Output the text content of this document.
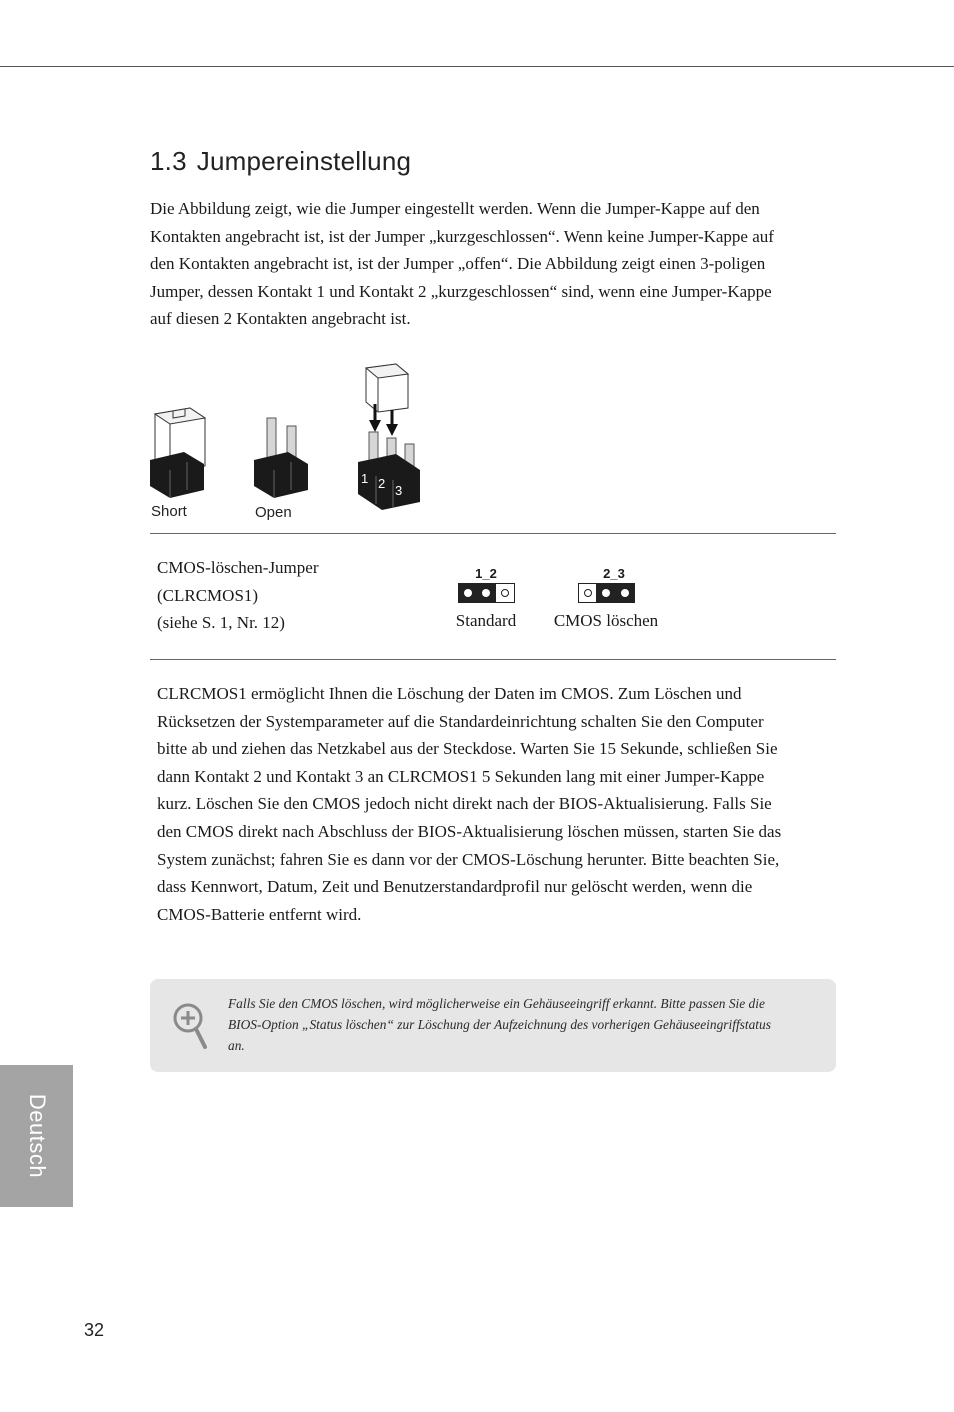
1.3 Jumpereinstellung

Die Abbildung zeigt, wie die Jumper eingestellt werden. Wenn die Jumper-Kappe auf den Kontakten angebracht ist, ist der Jumper „kurzgeschlossen“. Wenn keine Jumper-Kappe auf den Kontakten angebracht ist, ist der Jumper „offen“. Die Abbildung zeigt einen 3-poligen Jumper, dessen Kontakt 1 und Kontakt 2 „kurzgeschlossen“ sind, wenn eine Jumper-Kappe auf diesen 2 Kontakten angebracht ist.

1 2 3
Short	Open
CMOS-löschen-Jumper
(CLRCMOS1)
(siehe S. 1, Nr. 12)
1_2
Standard
2_3
CMOS löschen

CLRCMOS1 ermöglicht Ihnen die Löschung der Daten im CMOS. Zum Löschen und Rücksetzen der Systemparameter auf die Standardeinrichtung schalten Sie den Computer bitte ab und ziehen das Netzkabel aus der Steckdose. Warten Sie 15 Sekunde, schließen Sie dann Kontakt 2 und Kontakt 3 an CLRCMOS1 5 Sekunden lang mit einer Jumper-Kappe kurz. Löschen Sie den CMOS jedoch nicht direkt nach der BIOS-Aktualisierung. Falls Sie den CMOS direkt nach Abschluss der BIOS-Aktualisierung löschen müssen, starten Sie das System zunächst; fahren Sie es dann vor der CMOS-Löschung herunter. Bitte beachten Sie, dass Kennwort, Datum, Zeit und Benutzerstandardprofil nur gelöscht werden, wenn die CMOS-Batterie entfernt wird.

Falls Sie den CMOS löschen, wird möglicherweise ein Gehäuseeingriff erkannt. Bitte passen Sie die BIOS-Option „Status löschen“ zur Löschung der Aufzeichnung des vorherigen Gehäuseeingriffstatus an.

Deutsch
32
